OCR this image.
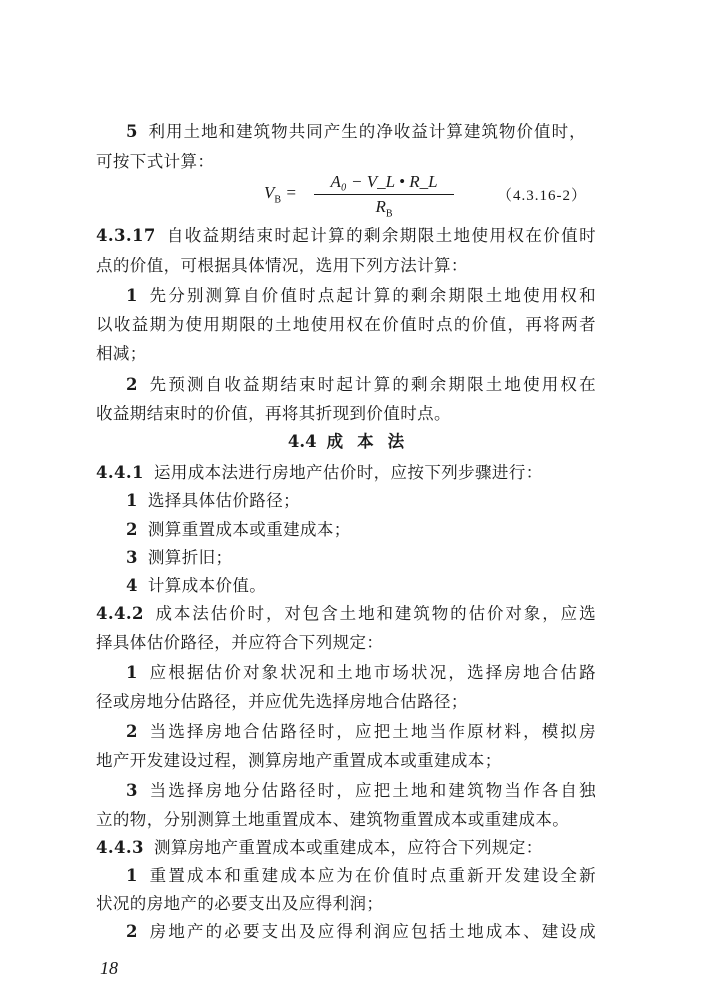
5 利用土地和建筑物共同产生的净收益计算建筑物价值时，
可按下式计算：
$V_B$ =
A₀ − V_L • R_L
$R_B$
（4.3.16-2）
4.3.17 自收益期结束时起计算的剩余期限土地使用权在价值时
点的价值，可根据具体情况，选用下列方法计算：
1 先分别测算自价值时点起计算的剩余期限土地使用权和
以收益期为使用期限的土地使用权在价值时点的价值，再将两者
相减；
2 先预测自收益期结束时起计算的剩余期限土地使用权在
收益期结束时的价值，再将其折现到价值时点。
4.4 成本法
4.4.1 运用成本法进行房地产估价时，应按下列步骤进行：
1 选择具体估价路径；
2 测算重置成本或重建成本；
3 测算折旧；
4 计算成本价值。
4.4.2 成本法估价时，对包含土地和建筑物的估价对象，应选
择具体估价路径，并应符合下列规定：
1 应根据估价对象状况和土地市场状况，选择房地合估路
径或房地分估路径，并应优先选择房地合估路径；
2 当选择房地合估路径时，应把土地当作原材料，模拟房
地产开发建设过程，测算房地产重置成本或重建成本；
3 当选择房地分估路径时，应把土地和建筑物当作各自独
立的物，分别测算土地重置成本、建筑物重置成本或重建成本。
4.4.3 测算房地产重置成本或重建成本，应符合下列规定：
1 重置成本和重建成本应为在价值时点重新开发建设全新
状况的房地产的必要支出及应得利润；
2 房地产的必要支出及应得利润应包括土地成本、建设成
18
